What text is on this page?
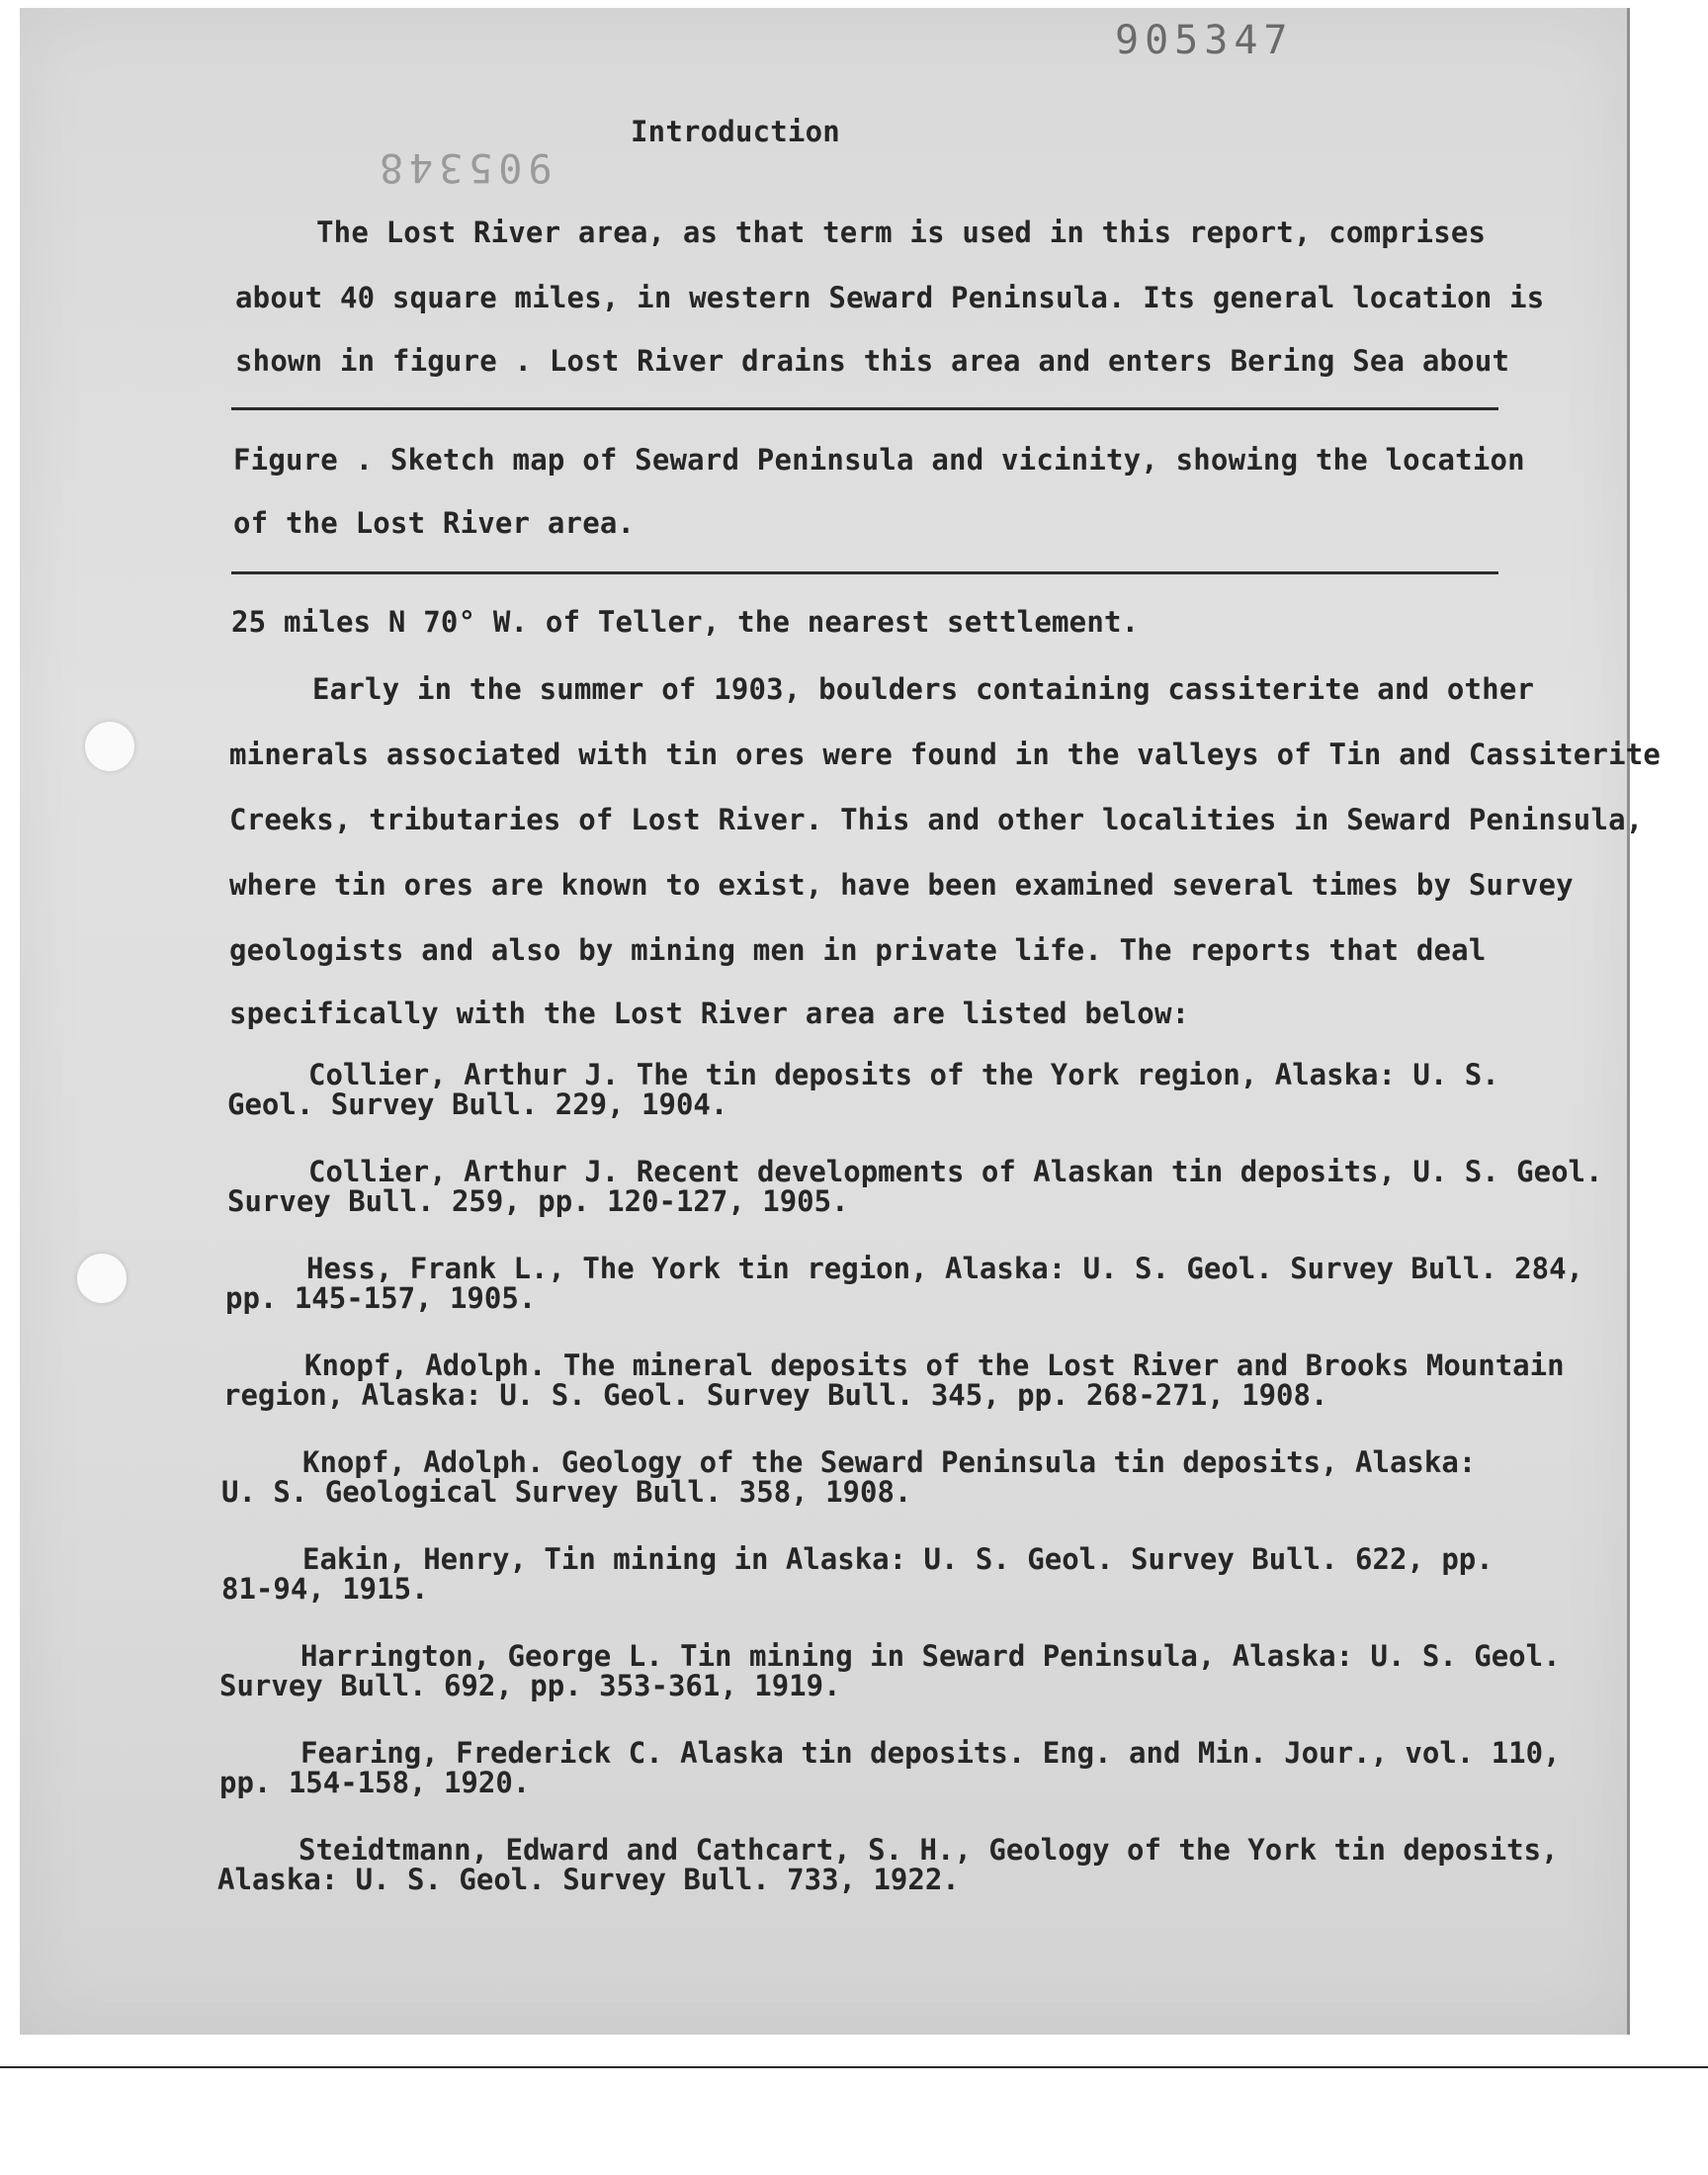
905347
905348
Introduction
The Lost River area, as that term is used in this report, comprises
about 40 square miles, in western Seward Peninsula. Its general location is
shown in figure . Lost River drains this area and enters Bering Sea about
Figure . Sketch map of Seward Peninsula and vicinity, showing the location
of the Lost River area.
25 miles N 70° W. of Teller, the nearest settlement.
Early in the summer of 1903, boulders containing cassiterite and other
minerals associated with tin ores were found in the valleys of Tin and Cassiterite
Creeks, tributaries of Lost River. This and other localities in Seward Peninsula,
where tin ores are known to exist, have been examined several times by Survey
geologists and also by mining men in private life. The reports that deal
specifically with the Lost River area are listed below:
Collier, Arthur J. The tin deposits of the York region, Alaska: U. S.
Geol. Survey Bull. 229, 1904.
Collier, Arthur J. Recent developments of Alaskan tin deposits, U. S. Geol.
Survey Bull. 259, pp. 120-127, 1905.
Hess, Frank L., The York tin region, Alaska: U. S. Geol. Survey Bull. 284,
pp. 145-157, 1905.
Knopf, Adolph. The mineral deposits of the Lost River and Brooks Mountain
region, Alaska: U. S. Geol. Survey Bull. 345, pp. 268-271, 1908.
Knopf, Adolph. Geology of the Seward Peninsula tin deposits, Alaska:
U. S. Geological Survey Bull. 358, 1908.
Eakin, Henry, Tin mining in Alaska: U. S. Geol. Survey Bull. 622, pp.
81-94, 1915.
Harrington, George L. Tin mining in Seward Peninsula, Alaska: U. S. Geol.
Survey Bull. 692, pp. 353-361, 1919.
Fearing, Frederick C. Alaska tin deposits. Eng. and Min. Jour., vol. 110,
pp. 154-158, 1920.
Steidtmann, Edward and Cathcart, S. H., Geology of the York tin deposits,
Alaska: U. S. Geol. Survey Bull. 733, 1922.
